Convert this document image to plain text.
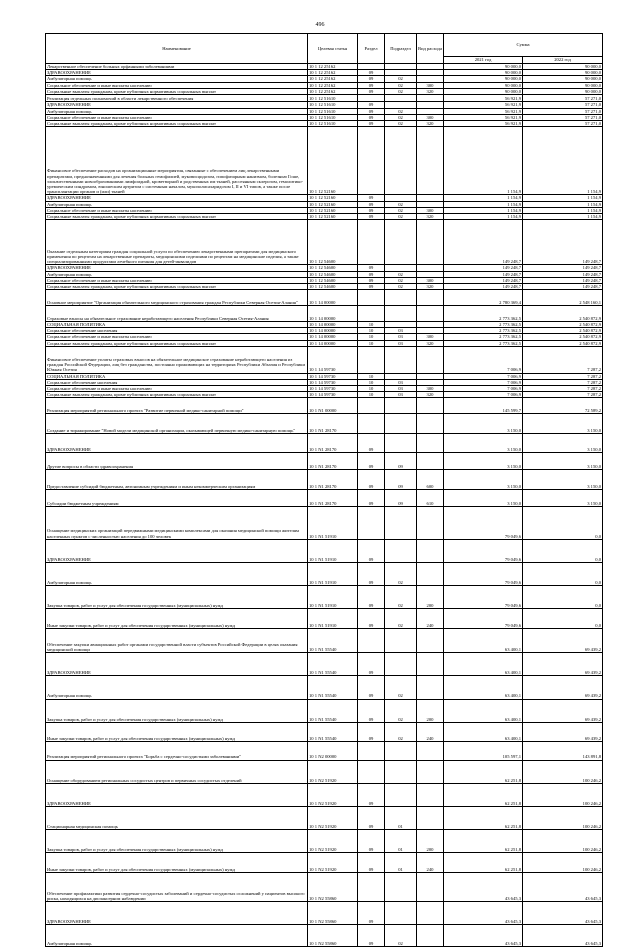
496
Наименование	Целевая статья	Раздел	Подраздел	Вид расхода	Сумма	
					2021 год	2022 год
Лекарственное обеспечение больных орфанными заболеваниями	10 1 12 25162				90 000,0	90 000,0
ЗДРАВООХРАНЕНИЕ	10 1 12 25162	09			90 000,0	90 000,0
Амбулаторная помощь	10 1 12 25162	09	02		90 000,0	90 000,0
Социальное обеспечение и иные выплаты населению	10 1 12 25162	09	02	300	90 000,0	90 000,0
Социальные выплаты гражданам, кроме публичных нормативных социальных выплат	10 1 12 25162	09	02	320	90 000,0	90 000,0
Реализация отдельных полномочий в области лекарственного обеспечения	10 1 12 51610				56 921,9	57 271,0
ЗДРАВООХРАНЕНИЕ	10 1 12 51610	09			56 921,9	57 271,0
Амбулаторная помощь	10 1 12 51610	09	02		56 921,9	57 271,0
Социальное обеспечение и иные выплаты населению	10 1 12 51610	09	02	300	56 921,9	57 271,0
Социальные выплаты гражданам, кроме публичных нормативных социальных выплат	10 1 12 51610	09	02	320	56 921,9	57 271,0
Финансовое обеспечение расходов на организационные мероприятия, связанные с обеспечением лиц лекарственными препаратами, предназначенными для лечения больных гемофилией, муковисцидозом, гипофизарным нанизмом, болезнью Гоше, злокачественными новообразованиями лимфоидной, кроветворной и родственных им тканей, рассеянным склерозом, гемолитико-уремическим синдромом, юношеским артритом с системным началом, мукополисахаридозом I, II и VI типов, а также после трансплантации органов и (или) тканей	10 1 12 52160				1 154,9	1 154,9
ЗДРАВООХРАНЕНИЕ	10 1 12 52160	09			1 154,9	1 154,9
Амбулаторная помощь	10 1 12 52160	09	02		1 154,9	1 154,9
Социальное обеспечение и иные выплаты населению	10 1 12 52160	09	02	300	1 154,9	1 154,9
Социальные выплаты гражданам, кроме публичных нормативных социальных выплат	10 1 12 52160	09	02	320	1 154,9	1 154,9
Оказание отдельным категориям граждан социальной услуги по обеспечению лекарственными препаратами для медицинского применения по рецептам на лекарственные препараты, медицинскими изделиями по рецептам на медицинские изделия, а также специализированными продуктами лечебного питания для детей-инвалидов	10 1 12 54600				149 248,7	149 248,7
ЗДРАВООХРАНЕНИЕ	10 1 12 54600	09			149 248,7	149 248,7
Амбулаторная помощь	10 1 12 54600	09	02		149 248,7	149 248,7
Социальное обеспечение и иные выплаты населению	10 1 12 54600	09	02	300	149 248,7	149 248,7
Социальные выплаты гражданам, кроме публичных нормативных социальных выплат	10 1 12 54600	09	02	320	149 248,7	149 248,7
Основное мероприятие "Организация обязательного медицинского страхования граждан Республики Северная Осетия-Алания"	10 1 14 00000				2 780 369,4	2 548 160,1
Страховые взносы на обязательное страхование неработающего населения Республики Северная Осетия-Алания	10 1 14 00000				2 773 362,5	2 540 872,9
СОЦИАЛЬНАЯ ПОЛИТИКА	10 1 14 00000	10			2 773 362,5	2 540 872,9
Социальное обеспечение населения	10 1 14 00000	10	03		2 773 362,5	2 540 872,9
Социальное обеспечение и иные выплаты населению	10 1 14 00000	10	03	300	2 773 362,5	2 540 872,9
Социальные выплаты гражданам, кроме публичных нормативных социальных выплат	10 1 14 00000	10	03	320	2 773 362,5	2 540 872,9
Финансовое обеспечение уплаты страховых взносов на обязательное медицинское страхование неработающего населения из граждан Российской Федерации, лиц без гражданства, постоянно проживающих на территориях Республики Абхазия и Республики Южная Осетия	10 1 14 59730				7 006,9	7 287,2
СОЦИАЛЬНАЯ ПОЛИТИКА	10 1 14 59730	10			7 006,9	7 287,2
Социальное обеспечение населения	10 1 14 59730	10	03		7 006,9	7 287,2
Социальное обеспечение и иные выплаты населению	10 1 14 59730	10	03	300	7 006,9	7 287,2
Социальные выплаты гражданам, кроме публичных нормативных социальных выплат	10 1 14 59730	10	03	320	7 006,9	7 287,2
Реализация мероприятий регионального проекта "Развитие первичной медико-санитарной помощи"	10 1 N1 00000				145 599,7	72 589,2
Создание и тиражирование "Новой модели медицинской организации, оказывающей первичную медико-санитарную помощь"	10 1 N1 28170				3 150,0	3 150,0
ЗДРАВООХРАНЕНИЕ	10 1 N1 28170	09			3 150,0	3 150,0
Другие вопросы в области здравоохранения	10 1 N1 28170	09	09		3 150,0	3 150,0
Предоставление субсидий бюджетным, автономным учреждениям и иным некоммерческим организациям	10 1 N1 28170	09	09	600	3 150,0	3 150,0
Субсидии бюджетным учреждениям	10 1 N1 28170	09	09	610	3 150,0	3 150,0
Оснащение медицинских организаций передвижными медицинскими комплексами для оказания медицинской помощи жителям населенных пунктов с численностью населения до 100 человек	10 1 N1 51910				79 049,6	0,0
ЗДРАВООХРАНЕНИЕ	10 1 N1 51910	09			79 049,6	0,0
Амбулаторная помощь	10 1 N1 51910	09	02		79 049,6	0,0
Закупка товаров, работ и услуг для обеспечения государственных (муниципальных) нужд	10 1 N1 51910	09	02	200	79 049,6	0,0
Иные закупки товаров, работ и услуг для обеспечения государственных (муниципальных) нужд	10 1 N1 51910	09	02	240	79 049,6	0,0
Обеспечение закупки авиационных работ органами государственной власти субъектов Российской Федерации в целях оказания медицинской помощи	10 1 N1 55540				63 400,1	69 439,2
ЗДРАВООХРАНЕНИЕ	10 1 N1 55540	09			63 400,1	69 439,2
Амбулаторная помощь	10 1 N1 55540	09	02		63 400,1	69 439,2
Закупка товаров, работ и услуг для обеспечения государственных (муниципальных) нужд	10 1 N1 55540	09	02	200	63 400,1	69 439,2
Иные закупки товаров, работ и услуг для обеспечения государственных (муниципальных) нужд	10 1 N1 55540	09	02	240	63 400,1	69 439,2
Реализация мероприятий регионального проекта "Борьба с сердечно-сосудистыми заболеваниями"	10 1 N2 00000				105 597,1	143 891,8
Оснащение оборудованием региональных сосудистых центров и первичных сосудистых отделений	10 1 N2 51920				62 251,8	100 246,2
ЗДРАВООХРАНЕНИЕ	10 1 N2 51920	09			62 251,8	100 246,2
Стационарная медицинская помощь	10 1 N2 51920	09	01		62 251,8	100 246,2
Закупка товаров, работ и услуг для обеспечения государственных (муниципальных) нужд	10 1 N2 51920	09	01	200	62 251,8	100 246,2
Иные закупки товаров, работ и услуг для обеспечения государственных (муниципальных) нужд	10 1 N2 51920	09	01	240	62 251,8	100 246,2
Обеспечение профилактики развития сердечно-сосудистых заболеваний и сердечно-сосудистых осложнений у пациентов высокого риска, находящихся на диспансерном наблюдении	10 1 N2 55860				43 645,3	43 645,3
ЗДРАВООХРАНЕНИЕ	10 1 N2 55860	09			43 645,3	43 645,3
Амбулаторная помощь	10 1 N2 55860	09	02		43 645,3	43 645,3
